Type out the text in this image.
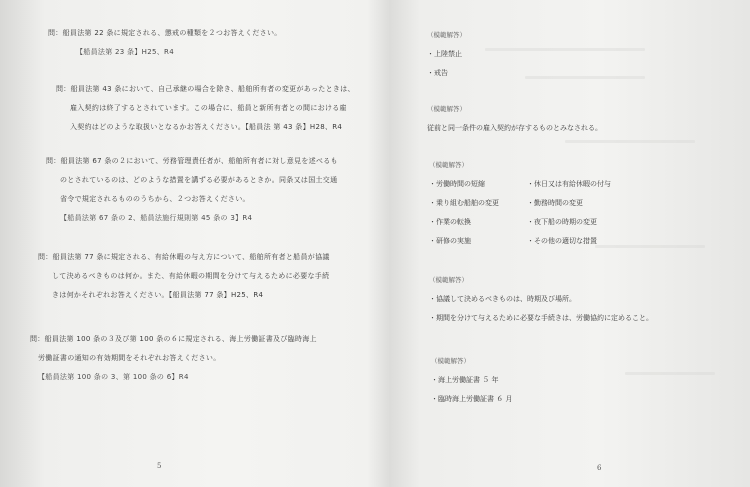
問：船員法第 22 条に規定される、懲戒の種類を２つお答えください。
【船員法第 23 条】H25、R4
問：船員法第 43 条において、自己承継の場合を除き、船舶所有者の変更があったときは、
雇入契約は終了するとされています。この場合に、船員と新所有者との間における雇
入契約はどのような取扱いとなるかお答えください。【船員法 第 43 条】H28、R4
問：船員法第 67 条の２において、労務管理責任者が、船舶所有者に対し意見を述べるも
のとされているのは、どのような措置を講ずる必要があるときか。同条又は国土交通
省令で規定されるもののうちから、２つお答えください。
【船員法第 67 条の 2、船員法施行規則第 45 条の 3】R4
問：船員法第 77 条に規定される、有給休暇の与え方について、船舶所有者と船員が協議
して決めるべきものは何か。また、有給休暇の期間を分けて与えるために必要な手続
きは何かそれぞれお答えください。【船員法第 77 条】H25、R4
問：船員法第 100 条の３及び第 100 条の６に規定される、海上労働証書及び臨時海上
労働証書の通知の有効期間をそれぞれお答えください。
【船員法第 100 条の 3、第 100 条の 6】R4
5
（模範解答）
・上陸禁止
・戒告
（模範解答）
従前と同一条件の雇入契約が存するものとみなされる。
（模範解答）
・労働時間の短縮	・休日又は有給休暇の付与
・乗り組む船舶の変更	・勤務時間の変更
・作業の転換	・夜下船の時期の変更
・研修の実施	・その他の適切な措置
（模範解答）
・協議して決めるべきものは、時期及び場所。
・期間を分けて与えるために必要な手続きは、労働協約に定めること。
（模範解答）
・海上労働証書 ５ 年
・臨時海上労働証書 ６ 月
6
